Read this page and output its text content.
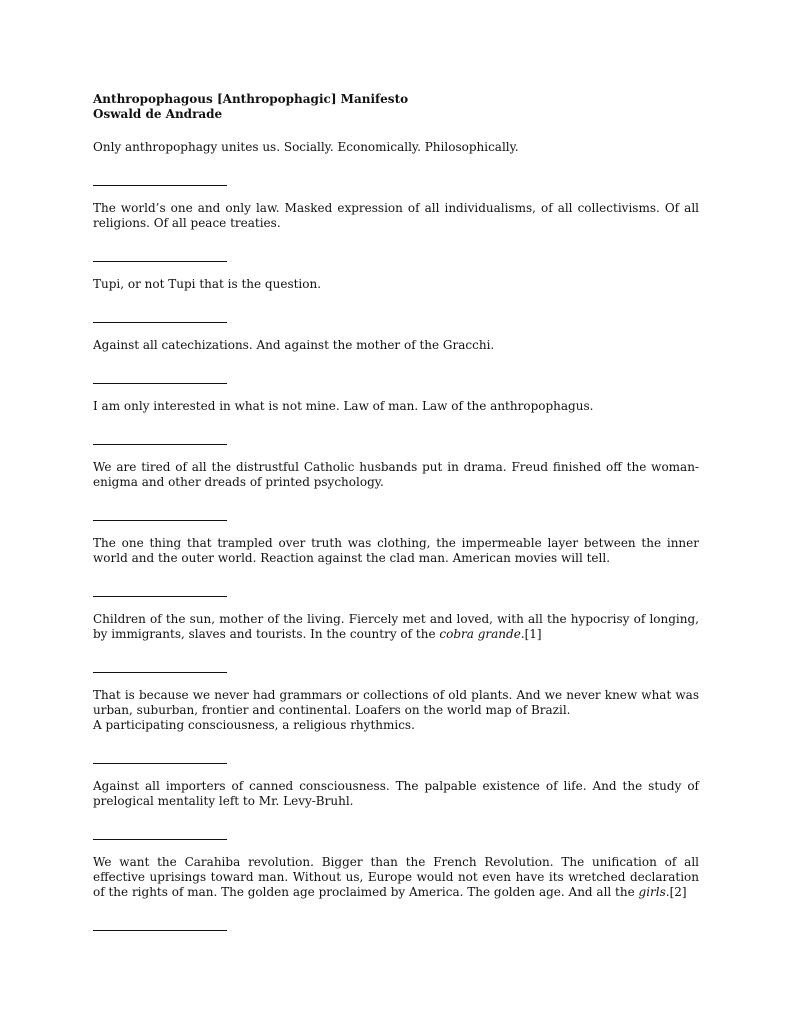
Anthropophagous [Anthropophagic] Manifesto
Oswald de Andrade

Only anthropophagy unites us. Socially. Economically. Philosophically.

The world’s one and only law. Masked expression of all individualisms, of all collectivisms. Of all religions. Of all peace treaties.

Tupi, or not Tupi that is the question.

Against all catechizations. And against the mother of the Gracchi.

I am only interested in what is not mine. Law of man. Law of the anthropophagus.

We are tired of all the distrustful Catholic husbands put in drama. Freud finished off the woman-enigma and other dreads of printed psychology.

The one thing that trampled over truth was clothing, the impermeable layer between the inner world and the outer world. Reaction against the clad man. American movies will tell.

Children of the sun, mother of the living. Fiercely met and loved, with all the hypocrisy of longing, by immigrants, slaves and tourists. In the country of the cobra grande.[1]

That is because we never had grammars or collections of old plants. And we never knew what was urban, suburban, frontier and continental. Loafers on the world map of Brazil.
A participating consciousness, a religious rhythmics.

Against all importers of canned consciousness. The palpable existence of life. And the study of prelogical mentality left to Mr. Levy-Bruhl.

We want the Carahiba revolution. Bigger than the French Revolution. The unification of all effective uprisings toward man. Without us, Europe would not even have its wretched declaration of the rights of man. The golden age proclaimed by America. The golden age. And all the girls.[2]
